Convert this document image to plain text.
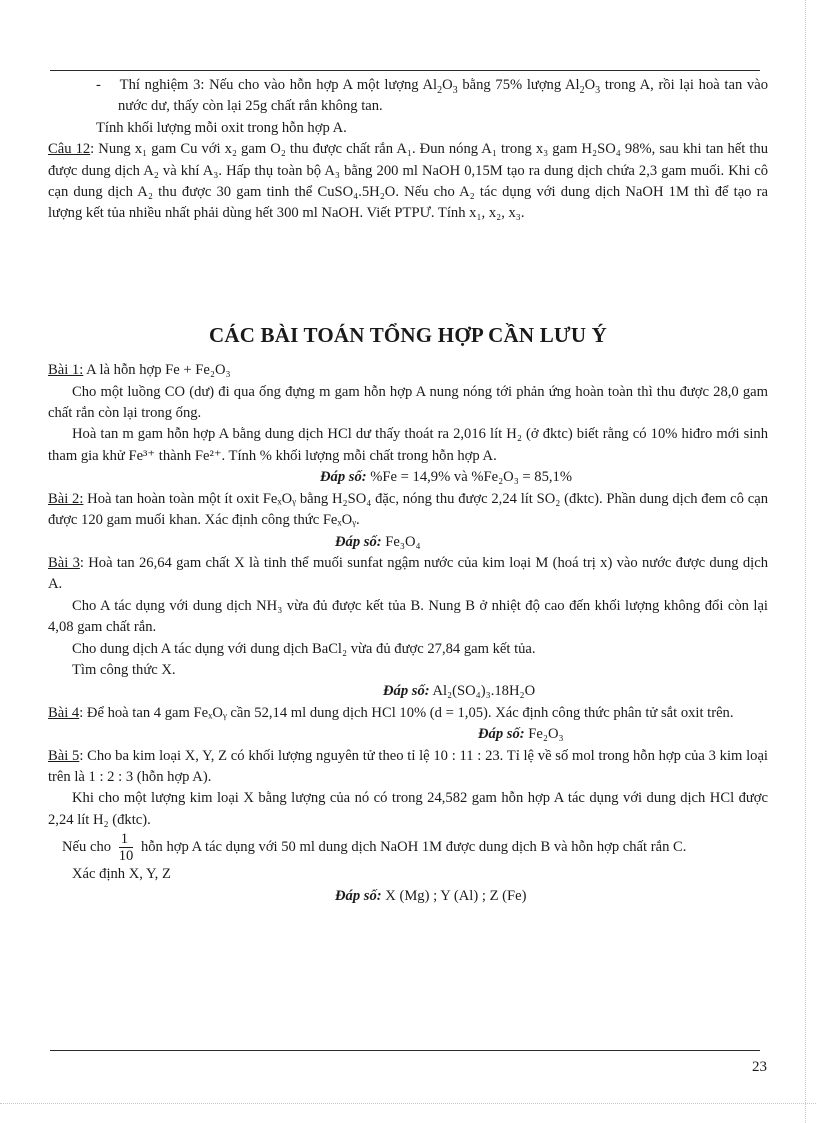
- Thí nghiệm 3: Nếu cho vào hỗn hợp A một lượng $Al_2O_3$ bằng 75% lượng $Al_2O_3$ trong A, rồi lại hoà tan vào nước dư, thấy còn lại 25g chất rắn không tan.

Tính khối lượng mỗi oxit trong hỗn hợp A.

Câu 12: Nung x₁ gam Cu với x₂ gam O₂ thu được chất rắn A₁. Đun nóng A₁ trong x₃ gam H₂SO₄ 98%, sau khi tan hết thu được dung dịch A₂ và khí A₃. Hấp thụ toàn bộ A₃ bằng 200 ml NaOH 0,15M tạo ra dung dịch chứa 2,3 gam muối. Khi cô cạn dung dịch A₂ thu được 30 gam tinh thể CuSO₄.5H₂O. Nếu cho A₂ tác dụng với dung dịch NaOH 1M thì để tạo ra lượng kết tủa nhiều nhất phải dùng hết 300 ml NaOH. Viết PTPƯ. Tính x₁, x₂, x₃.

CÁC BÀI TOÁN TỔNG HỢP CẦN LƯU Ý

Bài 1: A là hỗn hợp Fe + Fe₂O₃

Cho một luồng CO (dư) đi qua ống đựng m gam hỗn hợp A nung nóng tới phản ứng hoàn toàn thì thu được 28,0 gam chất rắn còn lại trong ống.

Hoà tan m gam hỗn hợp A bằng dung dịch HCl dư thấy thoát ra 2,016 lít H₂ (ở đktc) biết rằng có 10% hiđro mới sinh tham gia khử Fe³⁺ thành Fe²⁺. Tính % khối lượng mỗi chất trong hỗn hợp A.

Đáp số: %Fe = 14,9% và %Fe₂O₃ = 85,1%

Bài 2: Hoà tan hoàn toàn một ít oxit FeₓOᵧ bằng H₂SO₄ đặc, nóng thu được 2,24 lít SO₂ (đktc). Phần dung dịch đem cô cạn được 120 gam muối khan. Xác định công thức FeₓOᵧ.

Đáp số: Fe₃O₄

Bài 3: Hoà tan 26,64 gam chất X là tinh thể muối sunfat ngậm nước của kim loại M (hoá trị x) vào nước được dung dịch A.

Cho A tác dụng với dung dịch NH₃ vừa đủ được kết tủa B. Nung B ở nhiệt độ cao đến khối lượng không đổi còn lại 4,08 gam chất rắn.

Cho dung dịch A tác dụng với dung dịch BaCl₂ vừa đủ được 27,84 gam kết tủa.

Tìm công thức X.

Đáp số: Al₂(SO₄)₃.18H₂O

Bài 4: Để hoà tan 4 gam FeₓOᵧ cần 52,14 ml dung dịch HCl 10% (d = 1,05). Xác định công thức phân tử sắt oxit trên.

Đáp số: Fe₂O₃

Bài 5: Cho ba kim loại X, Y, Z có khối lượng nguyên tử theo tỉ lệ 10 : 11 : 23. Tỉ lệ về số mol trong hỗn hợp của 3 kim loại trên là 1 : 2 : 3 (hỗn hợp A).

Khi cho một lượng kim loại X bằng lượng của nó có trong 24,582 gam hỗn hợp A tác dụng với dung dịch HCl được 2,24 lít H₂ (đktc).

Nếu cho $\frac{1}{10}$ hỗn hợp A tác dụng với 50 ml dung dịch NaOH 1M được dung dịch B và hỗn hợp chất rắn C.

Xác định X, Y, Z

Đáp số: X (Mg) ; Y (Al) ; Z (Fe)

23
